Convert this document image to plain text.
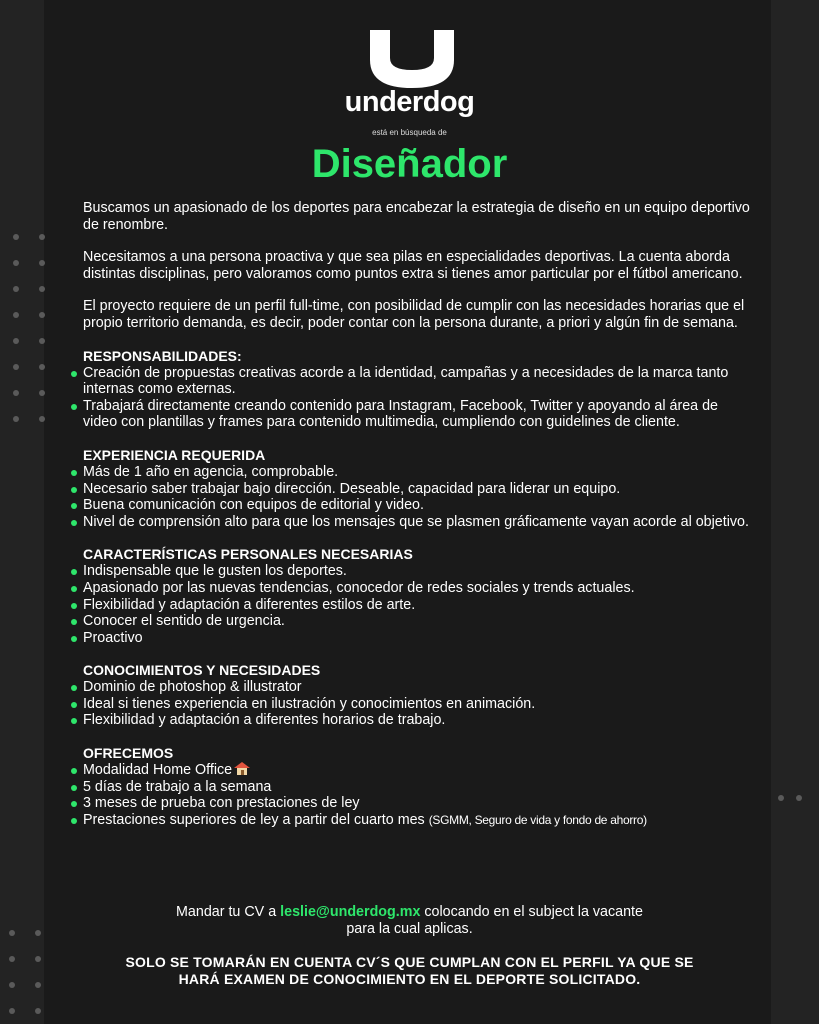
underdog
está en búsqueda de
Diseñador

Buscamos un apasionado de los deportes para encabezar la estrategia de diseño en un equipo deportivo de renombre.

Necesitamos a una persona proactiva y que sea pilas en especialidades deportivas. La cuenta aborda distintas disciplinas, pero valoramos como puntos extra si tienes amor particular por el fútbol americano.

El proyecto requiere de un perfil full-time, con posibilidad de cumplir con las necesidades horarias que el propio territorio demanda, es decir, poder contar con la persona durante, a priori y algún fin de semana.

RESPONSABILIDADES:
Creación de propuestas creativas acorde a la identidad, campañas y a necesidades de la marca tanto internas como externas.
Trabajará directamente creando contenido para Instagram, Facebook, Twitter y apoyando al área de video con plantillas y frames para contenido multimedia, cumpliendo con guidelines de cliente.
EXPERIENCIA REQUERIDA
Más de 1 año en agencia, comprobable.
Necesario saber trabajar bajo dirección. Deseable, capacidad para liderar un equipo.
Buena comunicación con equipos de editorial y video.
Nivel de comprensión alto para que los mensajes que se plasmen gráficamente vayan acorde al objetivo.
CARACTERÍSTICAS PERSONALES NECESARIAS
Indispensable que le gusten los deportes.
Apasionado por las nuevas tendencias, conocedor de redes sociales y trends actuales.
Flexibilidad y adaptación a diferentes estilos de arte.
Conocer el sentido de urgencia.
Proactivo
CONOCIMIENTOS Y NECESIDADES
Dominio de photoshop & illustrator
Ideal si tienes experiencia en ilustración y conocimientos en animación.
Flexibilidad y adaptación a diferentes horarios de trabajo.
OFRECEMOS
Modalidad Home Office
5 días de trabajo a la semana
3 meses de prueba con prestaciones de ley
Prestaciones superiores de ley a partir del cuarto mes (SGMM, Seguro de vida y fondo de ahorro)
Mandar tu CV a leslie@underdog.mx colocando en el subject la vacante
para la cual aplicas.
SOLO SE TOMARÁN EN CUENTA CV´S QUE CUMPLAN CON EL PERFIL YA QUE SE
HARÁ EXAMEN DE CONOCIMIENTO EN EL DEPORTE SOLICITADO.
